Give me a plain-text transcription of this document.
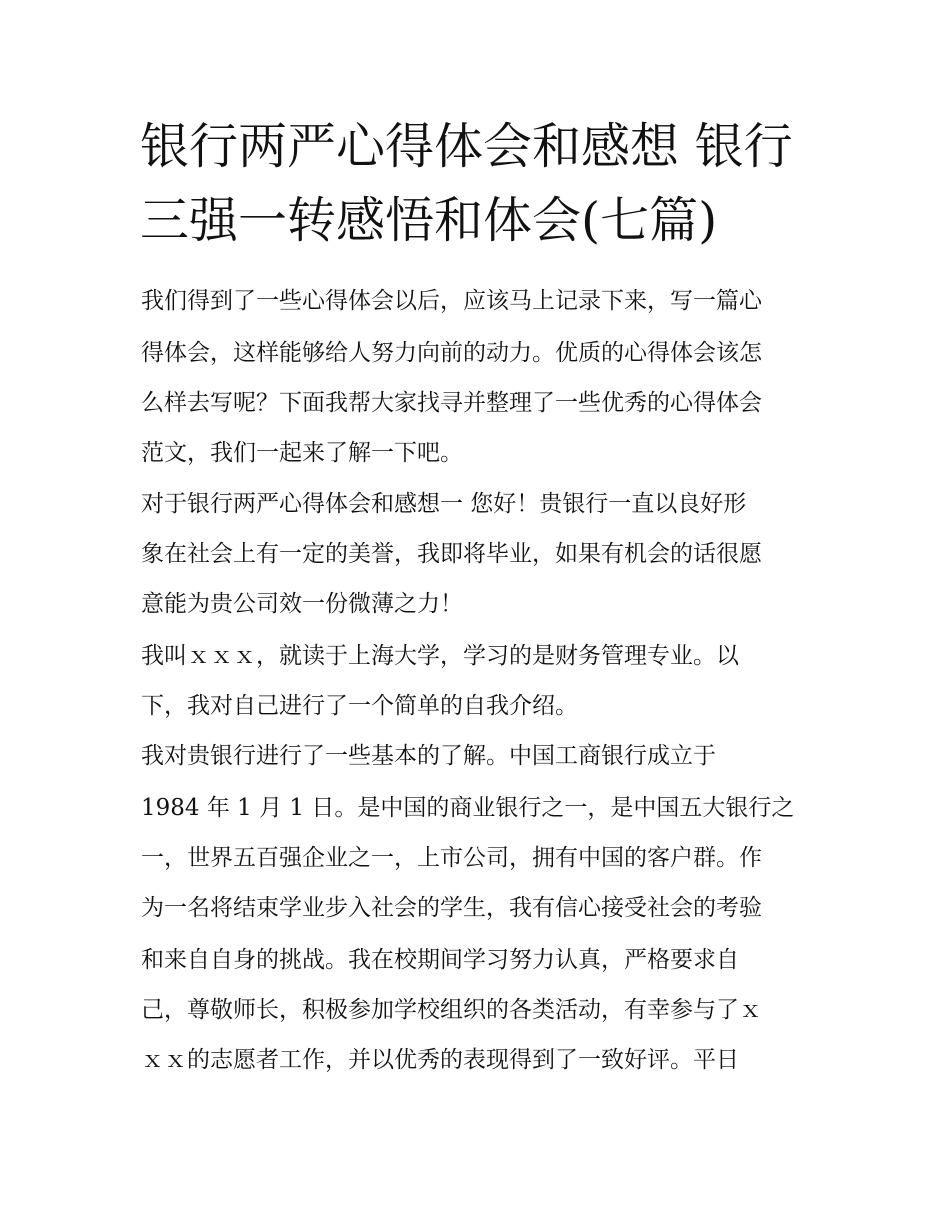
银行两严心得体会和感想 银行
三强一转感悟和体会(七篇)
我们得到了一些心得体会以后，应该马上记录下来，写一篇心
得体会，这样能够给人努力向前的动力。优质的心得体会该怎
么样去写呢？下面我帮大家找寻并整理了一些优秀的心得体会
范文，我们一起来了解一下吧。
对于银行两严心得体会和感想一 您好！贵银行一直以良好形
象在社会上有一定的美誉，我即将毕业，如果有机会的话很愿
意能为贵公司效一份微薄之力！
我叫ｘｘｘ，就读于上海大学，学习的是财务管理专业。以
下，我对自己进行了一个简单的自我介绍。
我对贵银行进行了一些基本的了解。中国工商银行成立于
1984 年 1 月 1 日。是中国的商业银行之一，是中国五大银行之
一，世界五百强企业之一，上市公司，拥有中国的客户群。作
为一名将结束学业步入社会的学生，我有信心接受社会的考验
和来自自身的挑战。我在校期间学习努力认真，严格要求自
己，尊敬师长，积极参加学校组织的各类活动，有幸参与了ｘ
ｘｘ的志愿者工作，并以优秀的表现得到了一致好评。平日
